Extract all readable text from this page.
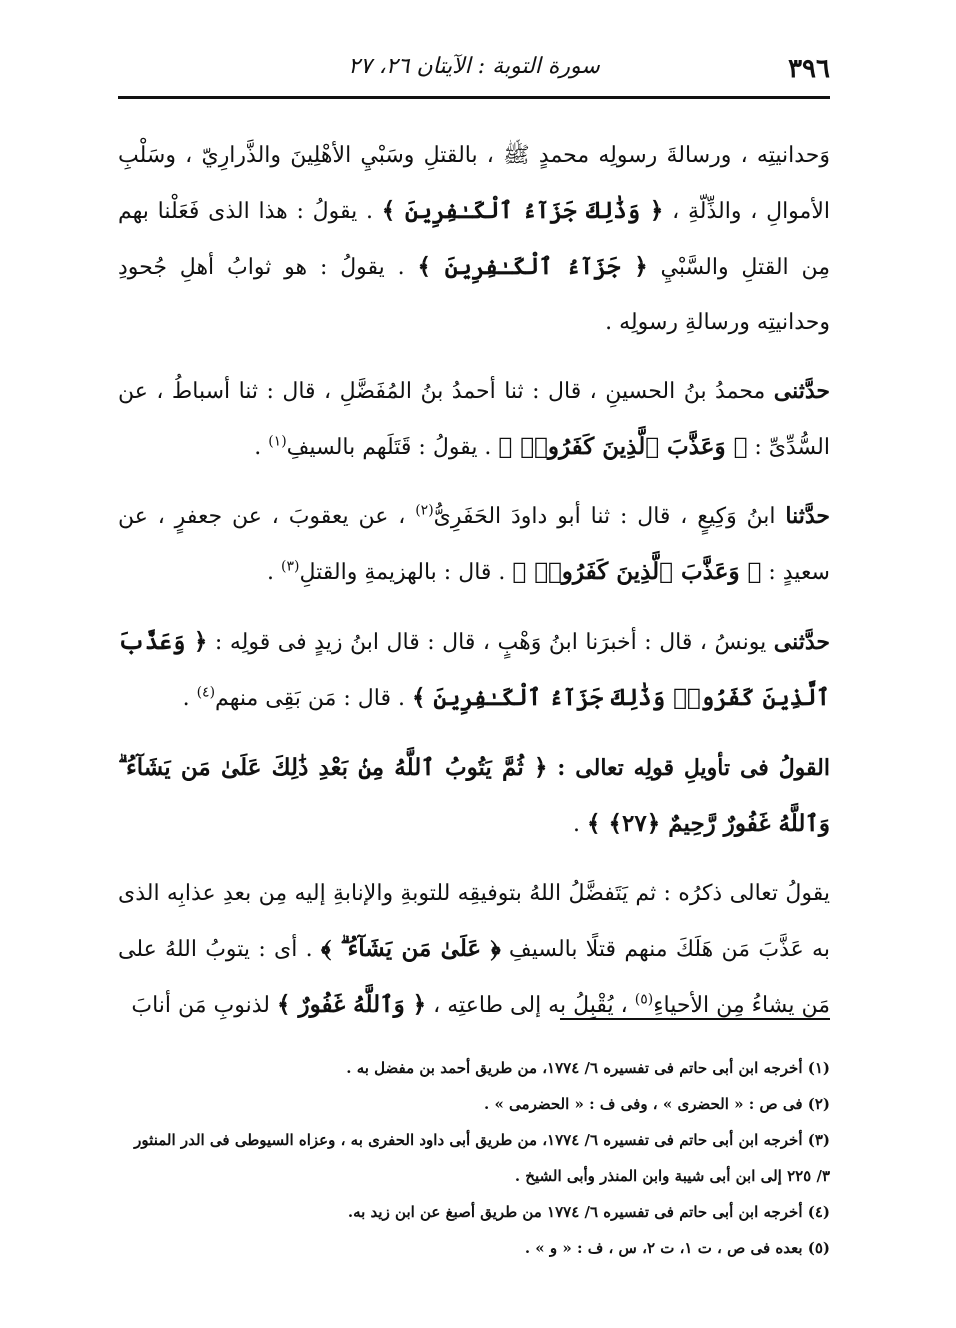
٣٩٦
سورة التوبة : الآيتان ٢٦، ٢٧

وَحدانيتِه ، ورسالةَ رسولِه محمدٍ ﷺ ، بالقتلِ وسَبْيِ الأهْلِينَ والذَّرارِيّ ، وسَلْبِ الأموالِ ، والذِّلّةِ ، ﴿ وَذَٰلِكَ جَزَآءُ ٱلْكَـٰفِرِينَ ﴾ . يقولُ : هذا الذى فَعَلْنا بهم مِن القتلِ والسَّبْيِ ﴿ جَزَآءُ ٱلْكَـٰفِرِينَ ﴾ . يقولُ : هو ثوابُ أهلِ جُحودِ وحدانيتِه ورسالةِ رسولِه .

حدَّثنى محمدُ بنُ الحسينِ ، قال : ثنا أحمدُ بنُ المُفَضَّلِ ، قال : ثنا أسباطُ ، عن السُّدِّىِّ : ﴿ وَعَذَّبَ ٱلَّذِينَ كَفَرُوا۟ ﴾ . يقولُ : قَتَلَهم بالسيفِ$^{(١)}$ .

حدَّثنا ابنُ وَكِيعٍ ، قال : ثنا أبو داودَ الحَفَرِىُّ$^{(٢)}$ ، عن يعقوبَ ، عن جعفرٍ ، عن سعيدٍ : ﴿ وَعَذَّبَ ٱلَّذِينَ كَفَرُوا۟ ﴾ . قال : بالهزيمةِ والقتلِ$^{(٣)}$ .

حدَّثنى يونسُ ، قال : أخبرَنا ابنُ وَهْبٍ ، قال : قال ابنُ زيدٍ فى قولِه : ﴿ وَعَذَّبَ ٱلَّذِينَ كَفَرُوا۟ وَذَٰلِكَ جَزَآءُ ٱلْكَـٰفِرِينَ ﴾ . قال : مَن بَقِى منهم$^{(٤)}$ .

القولُ فى تأويلِ قولِه تعالى : ﴿ ثُمَّ يَتُوبُ ٱللَّهُ مِنۢ بَعْدِ ذَٰلِكَ عَلَىٰ مَن يَشَآءُ ۗ وَٱللَّهُ غَفُورٌ رَّحِيمٌ ﴿٢٧﴾ ﴾ .

يقولُ تعالى ذكرُه : ثم يَتَفضَّلُ اللهُ بتوفيقِه للتوبةِ والإنابةِ إليه مِن بعدِ عذابِه الذى به عَذَّبَ مَن هَلَكَ منهم قتلًا بالسيفِ ﴿ عَلَىٰ مَن يَشَآءُ ۗ ﴾ . أى : يتوبُ اللهُ على مَن يشاءُ مِن الأحياءِ$^{(٥)}$ ، يُقْبِلُ به إلى طاعتِه ، ﴿ وَٱللَّهُ غَفُورٌ ﴾ لذنوبِ مَن أنابَ

(١) أخرجه ابن أبى حاتم فى تفسيره ٦/ ١٧٧٤، من طريق أحمد بن مفضل به .

(٢) فى ص : « الحضرى » ، وفى ف : « الحضرمى » .

(٣) أخرجه ابن أبى حاتم فى تفسيره ٦/ ١٧٧٤، من طريق أبى داود الحفرى به ، وعزاه السيوطى فى الدر المنثور ٣/ ٢٢٥ إلى ابن أبى شيبة وابن المنذر وأبى الشيخ .

(٤) أخرجه ابن أبى حاتم فى تفسيره ٦/ ١٧٧٤ من طريق أصبغ عن ابن زيد به.

(٥) بعده فى ص ، ت ١، ت ٢، س ، ف : « و » .
